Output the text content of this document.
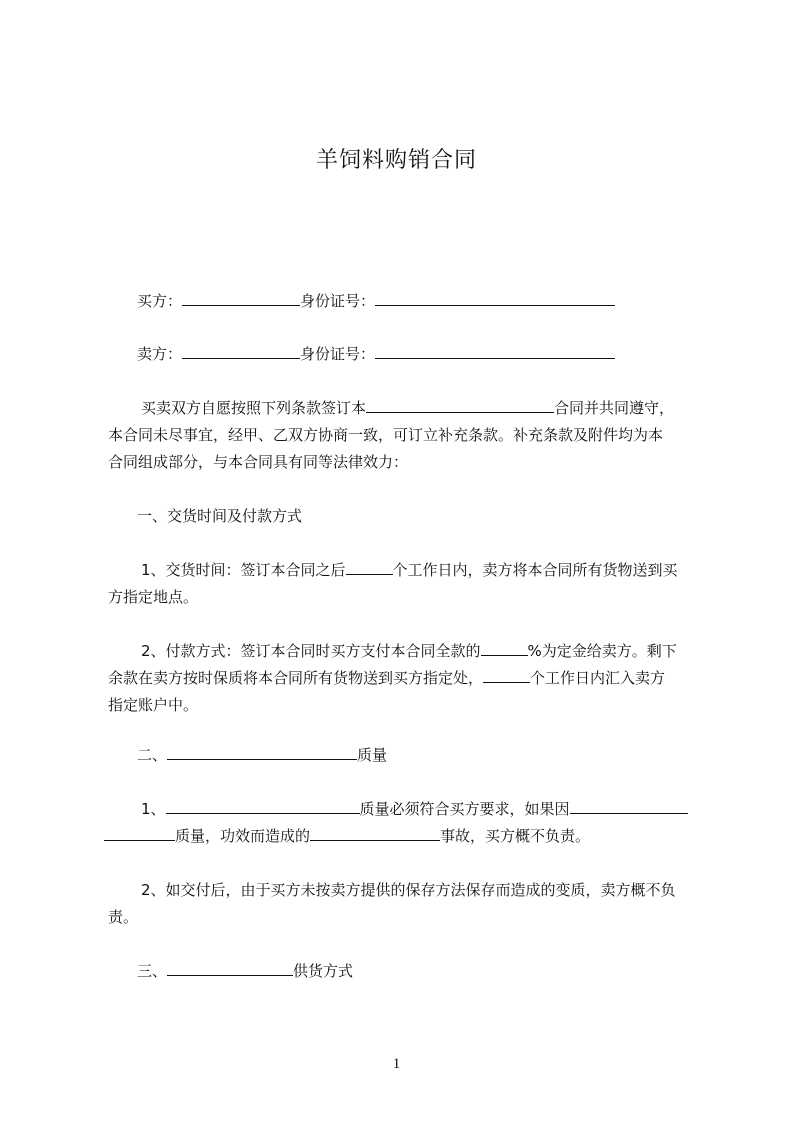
羊饲料购销合同
买方：	身份证号：
卖方：	身份证号：
买卖双方自愿按照下列条款签订本	合同并共同遵守，
本合同未尽事宜，经甲、乙双方协商一致，可订立补充条款。补充条款及附件均为本
合同组成部分，与本合同具有同等法律效力：
一、交货时间及付款方式
1、交货时间：签订本合同之后	个工作日内，卖方将本合同所有货物送到买
方指定地点。
2、付款方式：签订本合同时买方支付本合同全款的	%为定金给卖方。剩下
余款在卖方按时保质将本合同所有货物送到买方指定处，	个工作日内汇入卖方
指定账户中。
二、	质量
1、	质量必须符合买方要求，如果因
质量，功效而造成的	事故，买方概不负责。
2、如交付后，由于买方未按卖方提供的保存方法保存而造成的变质，卖方概不负
责。
三、	供货方式
1
